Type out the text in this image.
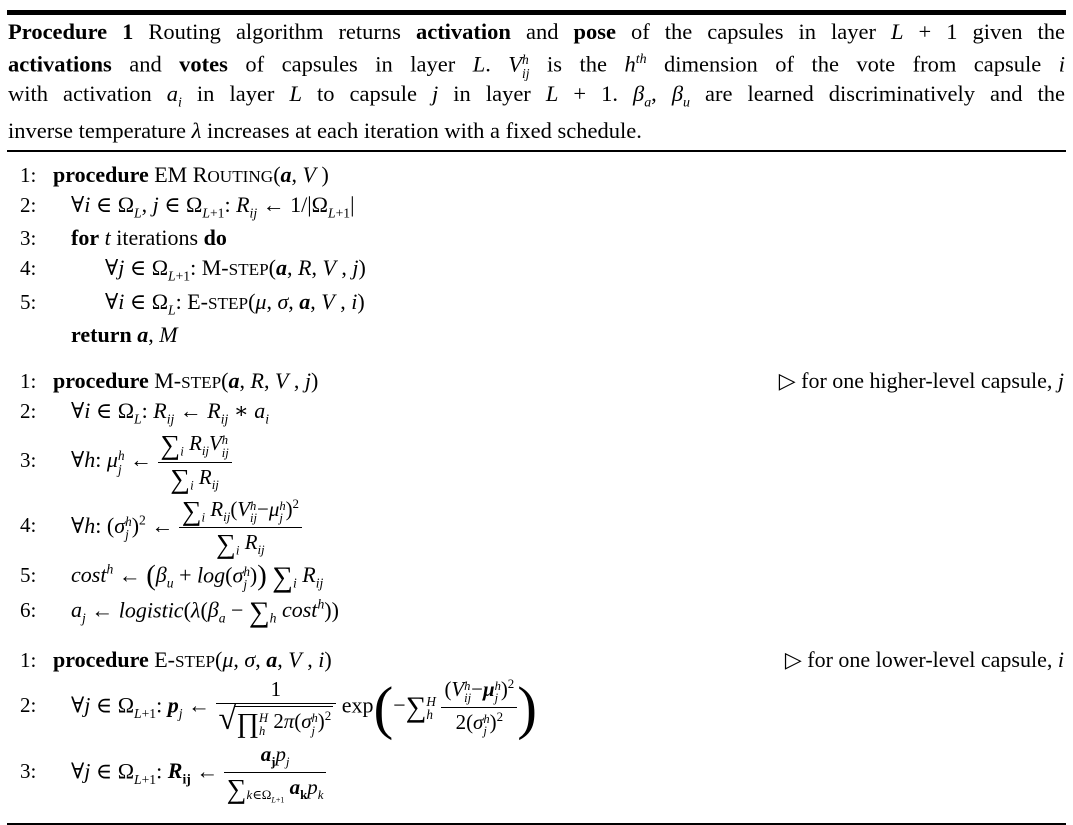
Procedure 1 Routing algorithm returns activation and pose of the capsules in layer L + 1 given the
activations and votes of capsules in layer L. V h
ij is the $h^{th}$ dimension of the vote from capsule i
with activation $a_i$ in layer L to capsule j in layer L + 1. $\beta_a$, $\beta_u$ are learned discriminatively and the
inverse temperature λ increases at each iteration with a fixed schedule.
1: procedure EM ROUTING(a, V )
2:	∀i ∈ $\Omega_L$, j ∈ $\Omega_{L+1}$: $R_{ij}$ ← $1/|\Omega_{L+1}|$
3:	for t iterations do
4:	∀j ∈ $\Omega_{L+1}$: M-STEP(a, R, V , j)
5:	∀i ∈ $\Omega_L$: E-STEP(μ, σ, a, V , i)
return a, M
1: procedure M-STEP(a, R, V , j)	▷ for one higher-level capsule, j
2:	∀i ∈ $\Omega_L$: $R_{ij}$ ← $R_{ij}$ ∗ $a_i$
3:	∀h: μ h
j ← $\sum_i$ $R_{ij}V$ h
ij
$\sum_i$ $R_{ij}$
4:	∀h: (σ h
j )$^2$ ← $\sum_i$ $R_{ij}(V$ h
ij −μ h
j )$^2$
$\sum_i$ $R_{ij}$
5:	cost$^h$ ← ($\beta_u + \log(\sigma$ h
j )) $\sum_i$ $R_{ij}$
6:	$a_j$ ← $logistic(\lambda(\beta_a - \sum_h$ cost$^h$))
1: procedure E-STEP(μ, σ, a, V , i)	▷ for one lower-level capsule, i
2:	∀j ∈ $\Omega_{L+1}$: $p_j$ ←
1
√ ∏ H
h 2π(σ h
j )$^2$ exp(−∑ H
h

(V h
ij −μ h
j )$^2$
2(σ h
j )$^2$ )
3:	∀j ∈ $\Omega_{L+1}$: $R_{ij}$ ←
$a_jp_j$
$\sum_{k\in\Omega_{L+1}}$ $a_kp_k$
